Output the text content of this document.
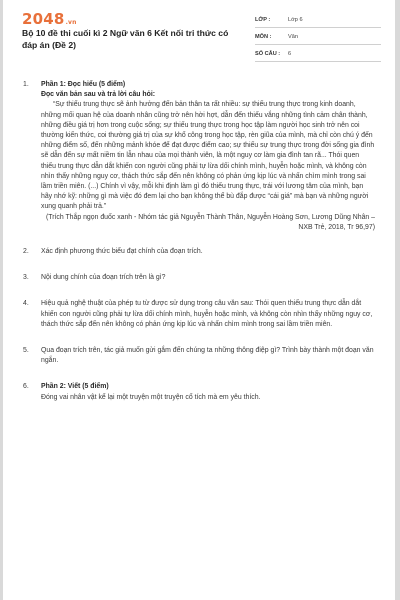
2048.vn
Bộ 10 đề thi cuối kì 2 Ngữ văn 6 Kết nối tri thức có đáp án (Đề 2)
LỚP :	Lớp 6
MÔN :	Văn
SỐ CÂU : 6
1. Phần 1: Đọc hiểu (5 điểm)
Đọc văn bản sau và trả lời câu hỏi:

“Sự thiếu trung thực sẽ ảnh hưởng đến bản thân ta rất nhiều: sự thiếu trung thực trong kinh doanh, những mối quan hệ của doanh nhân cũng trở nên hời hợt, dẫn đến thiếu vắng những tình cảm chân thành, những điều giá trị hơn trong cuộc sống; sự thiếu trung thực trong học tập làm người học sinh trở nên coi thường kiến thức, coi thường giá trị của sự khổ công trong học tập, rèn giũa của mình, mà chỉ còn chú ý đến những điểm số, đến những mảnh khóe để đạt được điểm cao; sự thiếu sự trung thực trong đời sống gia đình sẽ dẫn đến sự mất niềm tin lẫn nhau của mọi thành viên, là một nguy cơ làm gia đình tan rã... Thói quen thiếu trung thực dẫn dắt khiến con người cũng phải tự lừa dối chính mình, huyễn hoặc mình, và không còn nhìn thấy những nguy cơ, thách thức sắp đến nên không có phản ứng kịp lúc và nhấn chìm mình trong sai lầm triền miên. (...) Chính vì vậy, mỗi khi định làm gì đó thiếu trung thực, trái với lương tâm của mình, bạn hãy nhớ kỹ: những gì mà việc đó đem lại cho bạn không thể bù đắp được “cái giá” mà bạn và những người xung quanh phải trả.”

(Trích Thắp ngọn đuốc xanh - Nhóm tác giả Nguyễn Thành Thân, Nguyễn Hoàng Sơn, Lương Dũng Nhân – NXB Trẻ, 2018, Tr 96,97)

2. Xác định phương thức biểu đạt chính của đoạn trích.
3. Nội dung chính của đoạn trích trên là gì?
4. Hiệu quả nghệ thuật của phép tu từ được sử dụng trong câu văn sau: Thói quen thiếu trung thực dẫn dắt khiến con người cũng phải tự lừa dối chính mình, huyễn hoặc mình, và không còn nhìn thấy những nguy cơ, thách thức sắp đến nên không có phản ứng kịp lúc và nhấn chìm mình trong sai lầm triền miên.
5. Qua đoạn trích trên, tác giả muốn gửi gắm đến chúng ta những thông điệp gì? Trình bày thành một đoạn văn ngắn.
6. Phần 2: Viết (5 điểm)
Đóng vai nhân vật kể lại một truyện một truyện cổ tích mà em yêu thích.
